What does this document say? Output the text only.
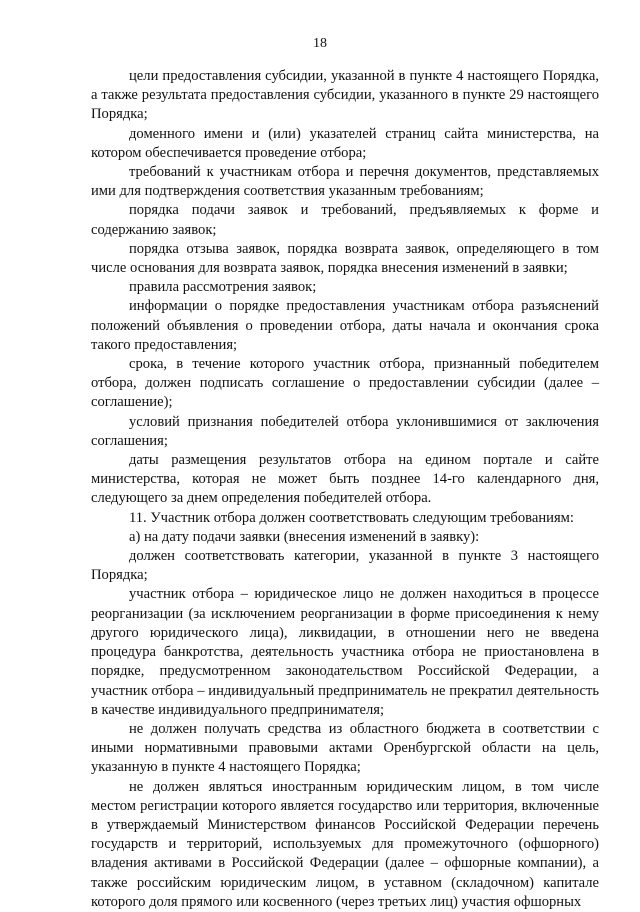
18

цели предоставления субсидии, указанной в пункте 4 настоящего Порядка, а также результата предоставления субсидии, указанного в пункте 29 настоящего Порядка;

доменного имени и (или) указателей страниц сайта министерства, на котором обеспечивается проведение отбора;

требований к участникам отбора и перечня документов, представляемых ими для подтверждения соответствия указанным требованиям;

порядка подачи заявок и требований, предъявляемых к форме и содержанию заявок;

порядка отзыва заявок, порядка возврата заявок, определяющего в том числе основания для возврата заявок, порядка внесения изменений в заявки;

правила рассмотрения заявок;

информации о порядке предоставления участникам отбора разъяснений положений объявления о проведении отбора, даты начала и окончания срока такого предоставления;

срока, в течение которого участник отбора, признанный победителем отбора, должен подписать соглашение о предоставлении субсидии (далее – соглашение);

условий признания победителей отбора уклонившимися от заключения соглашения;

даты размещения результатов отбора на едином портале и сайте министерства, которая не может быть позднее 14-го календарного дня, следующего за днем определения победителей отбора.

11. Участник отбора должен соответствовать следующим требованиям:

а) на дату подачи заявки (внесения изменений в заявку):

должен соответствовать категории, указанной в пункте 3 настоящего Порядка;

участник отбора – юридическое лицо не должен находиться в процессе реорганизации (за исключением реорганизации в форме присоединения к нему другого юридического лица), ликвидации, в отношении него не введена процедура банкротства, деятельность участника отбора не приостановлена в порядке, предусмотренном законодательством Российской Федерации, а участник отбора – индивидуальный предприниматель не прекратил деятельность в качестве индивидуального предпринимателя;

не должен получать средства из областного бюджета в соответствии с иными нормативными правовыми актами Оренбургской области на цель, указанную в пункте 4 настоящего Порядка;

не должен являться иностранным юридическим лицом, в том числе местом регистрации которого является государство или территория, включенные в утверждаемый Министерством финансов Российской Федерации перечень государств и территорий, используемых для промежуточного (офшорного) владения активами в Российской Федерации (далее – офшорные компании), а также российским юридическим лицом, в уставном (складочном) капитале которого доля прямого или косвенного (через третьих лиц) участия офшорных
